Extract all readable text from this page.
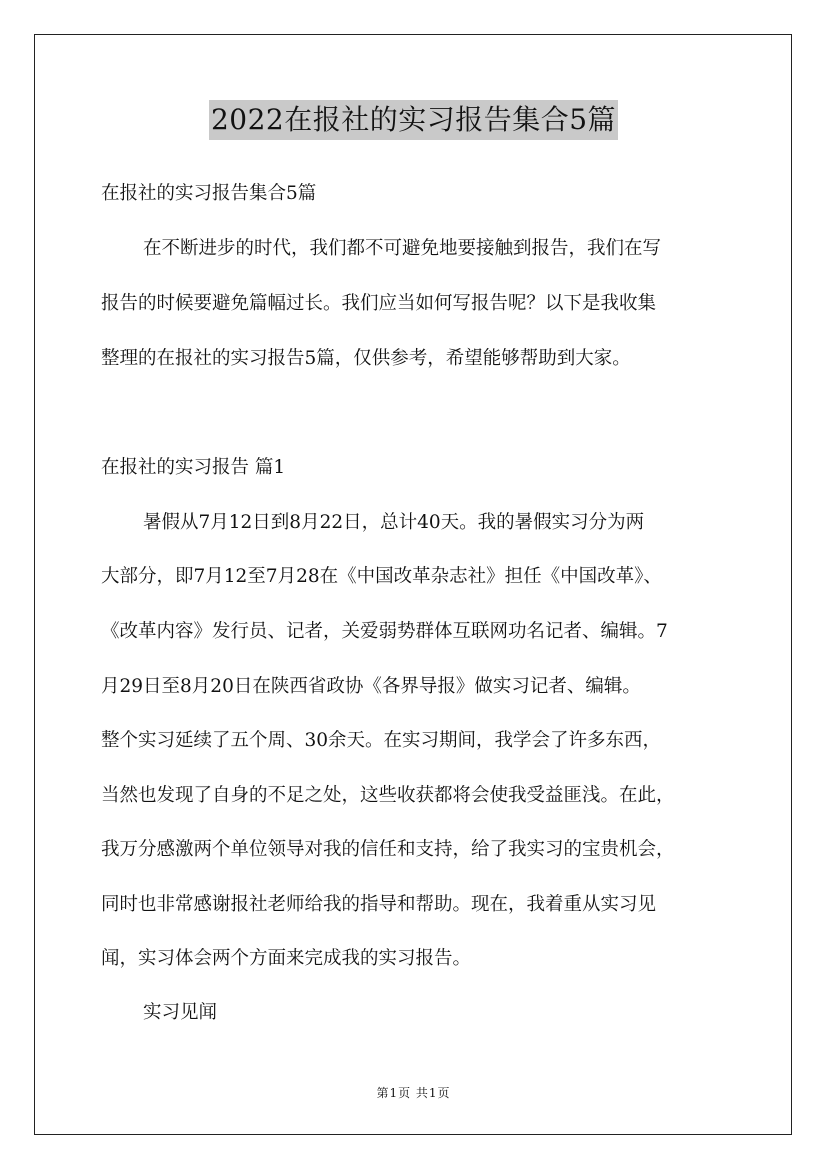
2022在报社的实习报告集合5篇
在报社的实习报告集合5篇
在不断进步的时代，我们都不可避免地要接触到报告，我们在写
报告的时候要避免篇幅过长。我们应当如何写报告呢？以下是我收集
整理的在报社的实习报告5篇，仅供参考，希望能够帮助到大家。
在报社的实习报告 篇1
暑假从7月12日到8月22日，总计40天。我的暑假实习分为两
大部分，即7月12至7月28在《中国改革杂志社》担任《中国改革》、
《改革内容》发行员、记者，关爱弱势群体互联网功名记者、编辑。7
月29日至8月20日在陕西省政协《各界导报》做实习记者、编辑。
整个实习延续了五个周、30余天。在实习期间，我学会了许多东西，
当然也发现了自身的不足之处，这些收获都将会使我受益匪浅。在此，
我万分感激两个单位领导对我的信任和支持，给了我实习的宝贵机会，
同时也非常感谢报社老师给我的指导和帮助。现在，我着重从实习见
闻，实习体会两个方面来完成我的实习报告。
实习见闻
第1页 共1页
